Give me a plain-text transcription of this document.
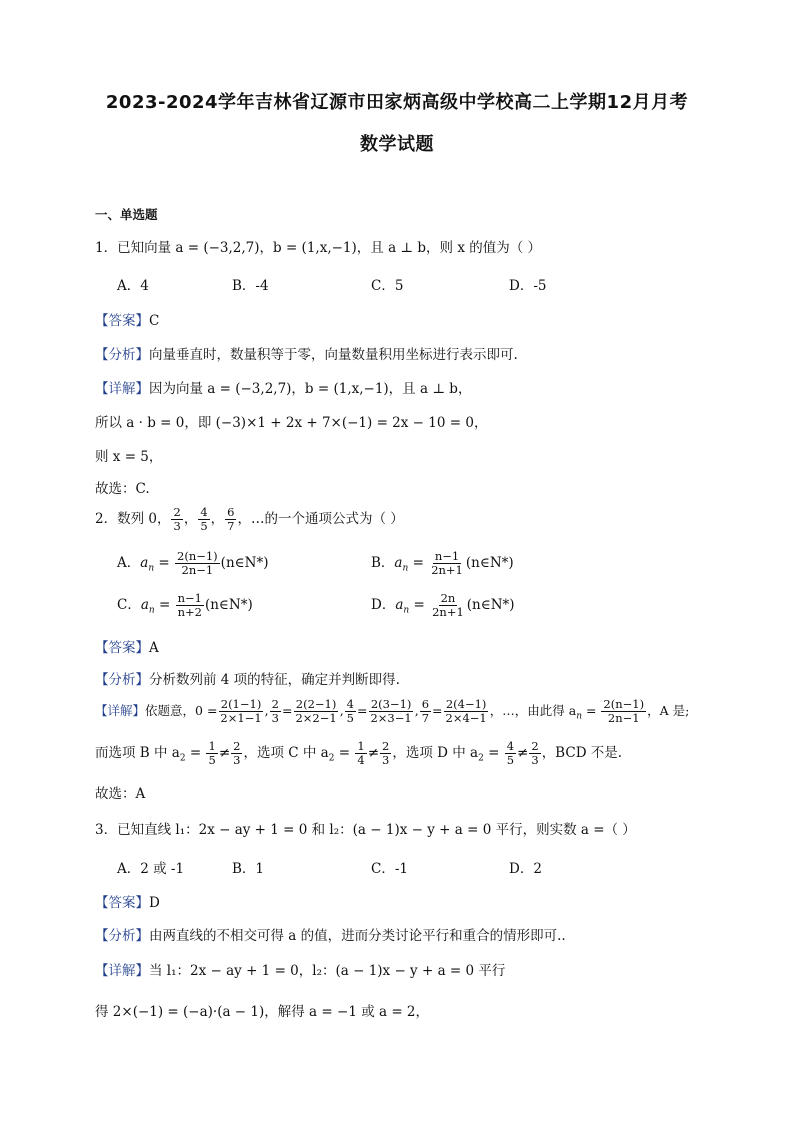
2023-2024学年吉林省辽源市田家炳高级中学校高二上学期12月月考
数学试题
一、单选题
1．已知向量 a = (−3,2,7)，b = (1,x,−1)，且 a ⊥ b，则 x 的值为（ ）
A．4	B．-4	C．5	D．-5
【答案】C
【分析】向量垂直时，数量积等于零，向量数量积用坐标进行表示即可.
【详解】因为向量 a = (−3,2,7)，b = (1,x,−1)，且 a ⊥ b，
所以 a · b = 0，即 (−3)×1 + 2x + 7×(−1) = 2x − 10 = 0，
则 x = 5，
故选：C.
2．数列 0， $\frac{2}{3}$ ， $\frac{4}{5}$ ， $\frac{6}{7}$ ，…的一个通项公式为（ ）
A．$a_n = \frac{2(n-1)}{2n-1}$ (n∈N*)	B．$a_n = \frac{n-1}{2n+1}$ (n∈N*)
C．$a_n = \frac{n-1}{n+2}$ (n∈N*)	D．$a_n = \frac{2n}{2n+1}$ (n∈N*)
【答案】A
【分析】分析数列前 4 项的特征，确定并判断即得.
【详解】依题意，$0 = \frac{2(1-1)}{2\times 1-1}$ , $\frac{2}{3} = \frac{2(2-1)}{2\times 2-1}$ , $\frac{4}{5} = \frac{2(3-1)}{2\times 3-1}$ , $\frac{6}{7} = \frac{2(4-1)}{2\times 4-1}$ ，…，由此得 $a_n = \frac{2(n-1)}{2n-1}$ ，A 是;
而选项 B 中 $a_2 = \frac{1}{5} \ne \frac{2}{3}$ ，选项 C 中 $a_2 = \frac{1}{4} \ne \frac{2}{3}$ ，选项 D 中 $a_2 = \frac{4}{5} \ne \frac{2}{3}$ ，BCD 不是.
故选：A
3．已知直线 l₁：2x − ay + 1 = 0 和 l₂：(a − 1)x − y + a = 0 平行，则实数 a =（ ）
A．2 或 -1	B．1	C．-1	D．2
【答案】D
【分析】由两直线的不相交可得 a 的值，进而分类讨论平行和重合的情形即可..
【详解】当 l₁：2x − ay + 1 = 0，l₂：(a − 1)x − y + a = 0 平行
得 2×(−1) = (−a)·(a − 1)，解得 a = −1 或 a = 2，
